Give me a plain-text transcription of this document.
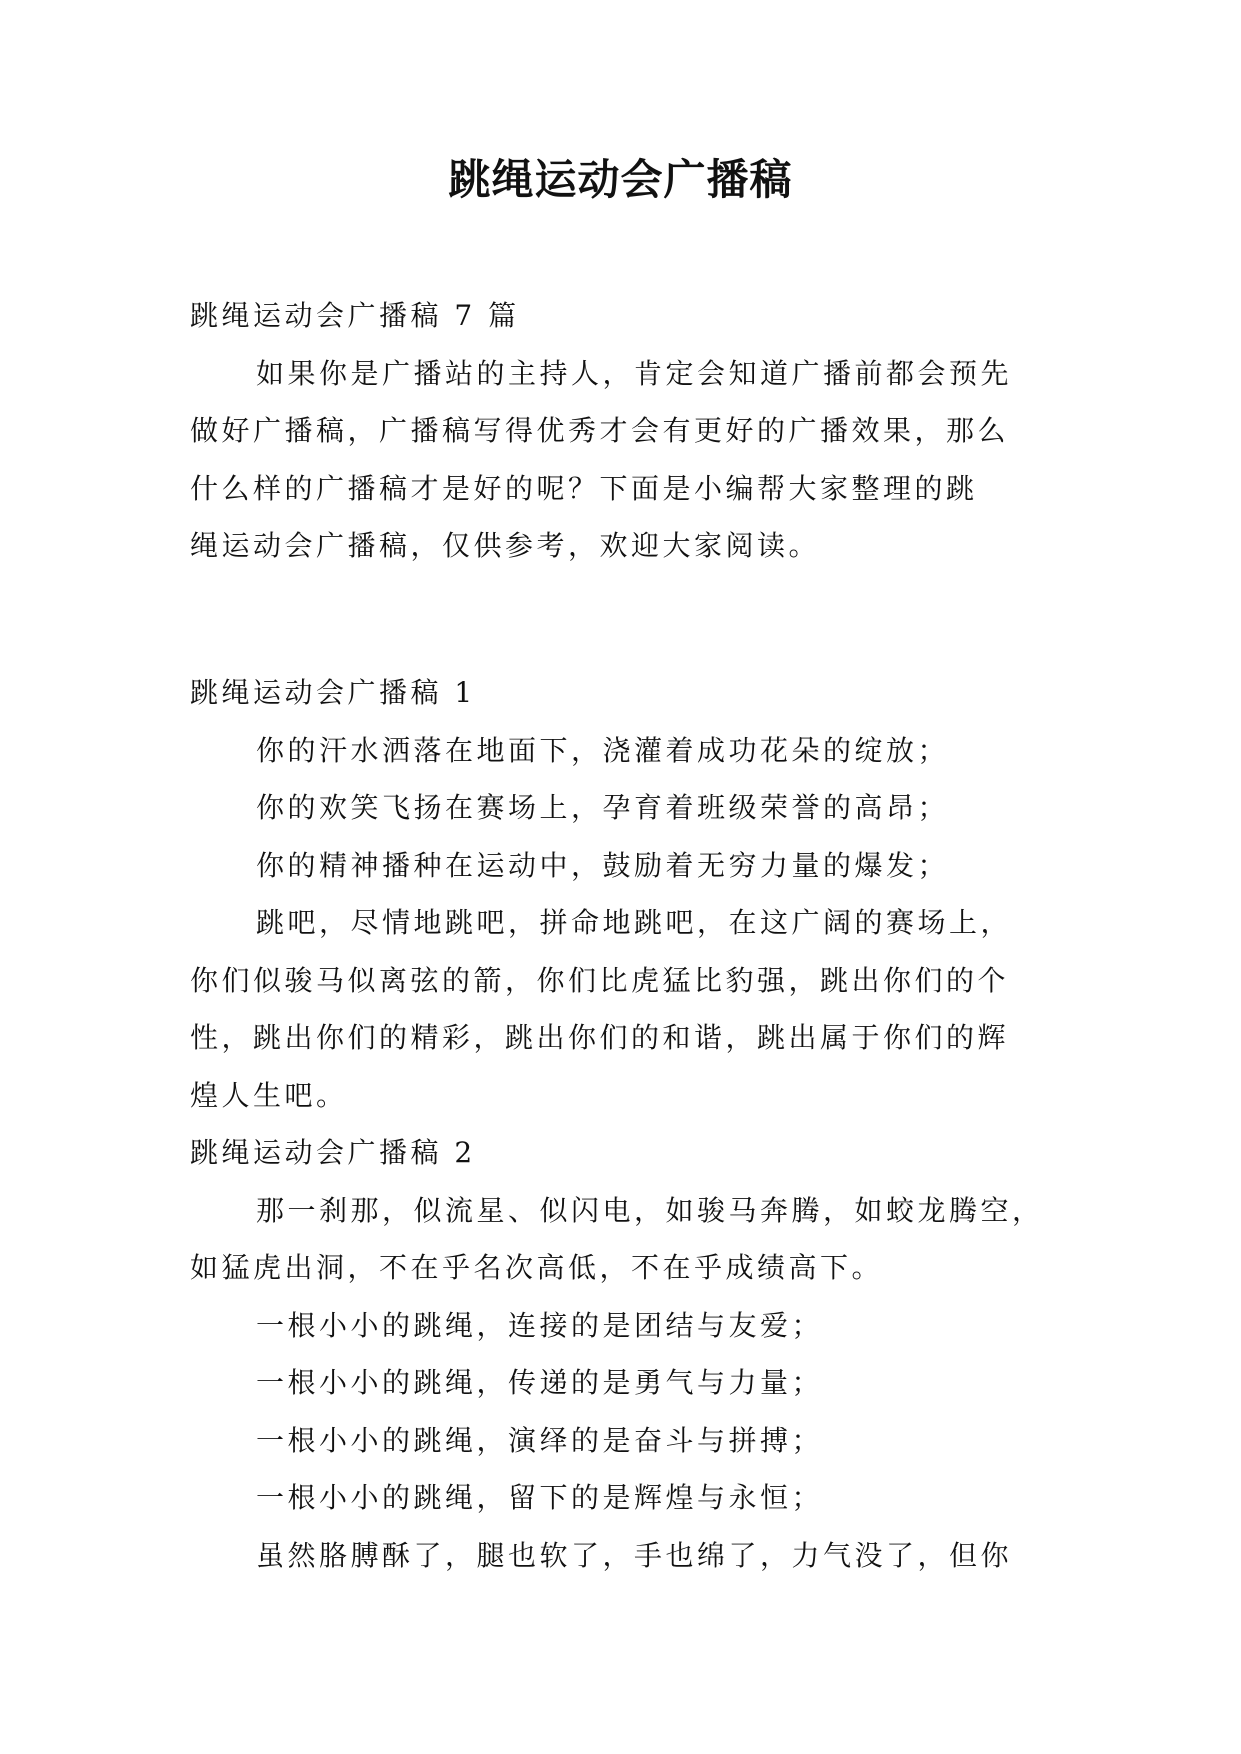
跳绳运动会广播稿

跳绳运动会广播稿 7 篇

如果你是广播站的主持人，肯定会知道广播前都会预先

做好广播稿，广播稿写得优秀才会有更好的广播效果，那么

什么样的广播稿才是好的呢？下面是小编帮大家整理的跳

绳运动会广播稿，仅供参考，欢迎大家阅读。

跳绳运动会广播稿 1

你的汗水洒落在地面下，浇灌着成功花朵的绽放；

你的欢笑飞扬在赛场上，孕育着班级荣誉的高昂；

你的精神播种在运动中，鼓励着无穷力量的爆发；

跳吧，尽情地跳吧，拼命地跳吧，在这广阔的赛场上，

你们似骏马似离弦的箭，你们比虎猛比豹强，跳出你们的个

性，跳出你们的精彩，跳出你们的和谐，跳出属于你们的辉

煌人生吧。

跳绳运动会广播稿 2

那一刹那，似流星、似闪电，如骏马奔腾，如蛟龙腾空，

如猛虎出洞，不在乎名次高低，不在乎成绩高下。

一根小小的跳绳，连接的是团结与友爱；

一根小小的跳绳，传递的是勇气与力量；

一根小小的跳绳，演绎的是奋斗与拼搏；

一根小小的跳绳，留下的是辉煌与永恒；

虽然胳膊酥了，腿也软了，手也绵了，力气没了，但你
